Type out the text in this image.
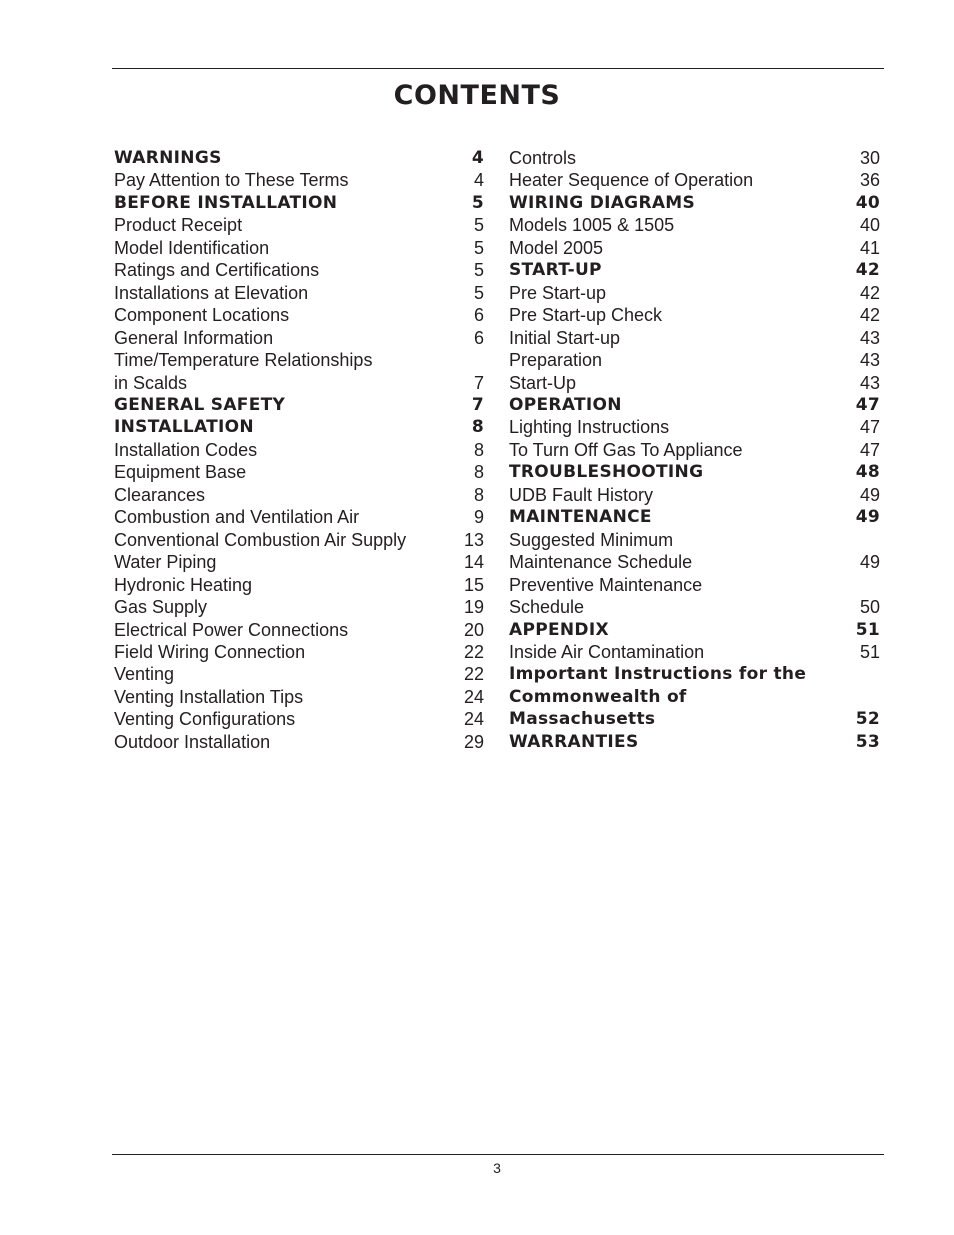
CONTENTS
WARNINGS	4
Pay Attention to These Terms	4
BEFORE INSTALLATION	5
Product Receipt	5
Model Identification	5
Ratings and Certifications	5
Installations at Elevation	5
Component Locations	6
General Information	6
Time/Temperature Relationships
in Scalds	7
GENERAL SAFETY	7
INSTALLATION	8
Installation Codes	8
Equipment Base	8
Clearances	8
Combustion and Ventilation Air	9
Conventional Combustion Air Supply	13
Water Piping	14
Hydronic Heating	15
Gas Supply	19
Electrical Power Connections	20
Field Wiring Connection	22
Venting	22
Venting Installation Tips	24
Venting Configurations	24
Outdoor Installation	29
Controls	30
Heater Sequence of Operation	36
WIRING DIAGRAMS	40
Models 1005 & 1505	40
Model 2005	41
START-UP	42
Pre Start-up	42
Pre Start-up Check	42
Initial Start-up	43
Preparation	43
Start-Up	43
OPERATION	47
Lighting Instructions	47
To Turn Off Gas To Appliance	47
TROUBLESHOOTING	48
UDB Fault History	49
MAINTENANCE	49
Suggested Minimum
Maintenance Schedule	49
Preventive Maintenance
Schedule	50
APPENDIX	51
Inside Air Contamination	51
Important Instructions for the
Commonwealth of
Massachusetts	52
WARRANTIES	53
3
